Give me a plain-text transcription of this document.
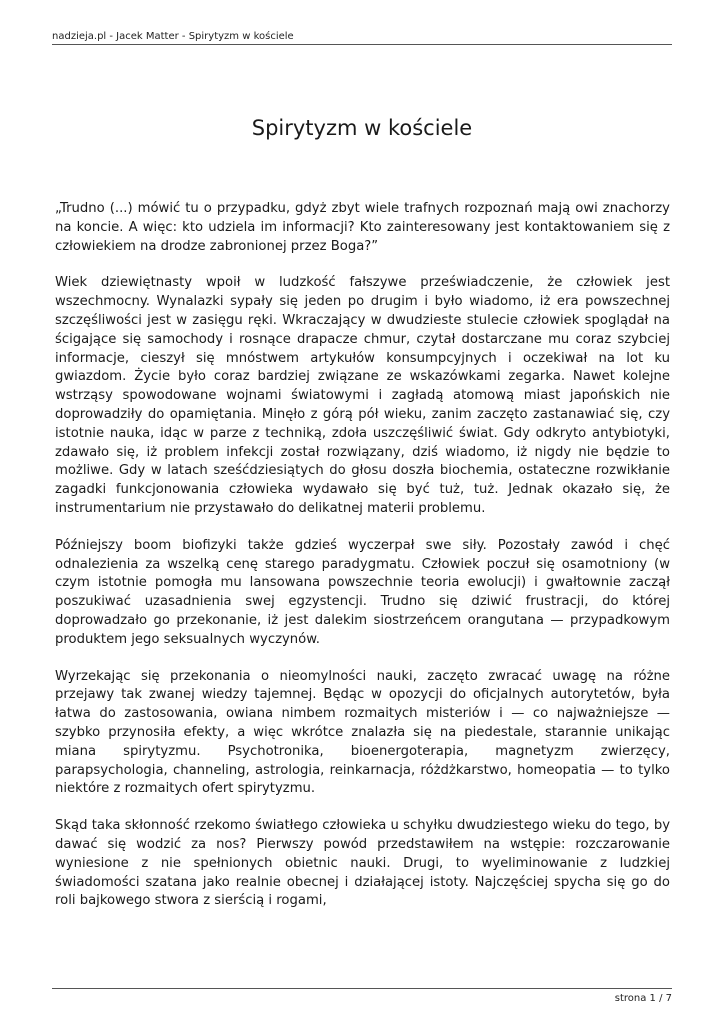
nadzieja.pl - Jacek Matter - Spirytyzm w kościele
Spirytyzm w kościele

„Trudno (...) mówić tu o przypadku, gdyż zbyt wiele trafnych rozpoznań mają owi znachorzy na koncie. A więc: kto udziela im informacji? Kto zainteresowany jest kontaktowaniem się z człowiekiem na drodze zabronionej przez Boga?”

Wiek dziewiętnasty wpoił w ludzkość fałszywe przeświadczenie, że człowiek jest wszechmocny. Wynalazki sypały się jeden po drugim i było wiadomo, iż era powszechnej szczęśliwości jest w zasięgu ręki. Wkraczający w dwudzieste stulecie człowiek spoglądał na ścigające się samochody i rosnące drapacze chmur, czytał dostarczane mu coraz szybciej informacje, cieszył się mnóstwem artykułów konsumpcyjnych i oczekiwał na lot ku gwiazdom. Życie było coraz bardziej związane ze wskazówkami zegarka. Nawet kolejne wstrząsy spowodowane wojnami światowymi i zagładą atomową miast japońskich nie doprowadziły do opamiętania. Minęło z górą pół wieku, zanim zaczęto zastanawiać się, czy istotnie nauka, idąc w parze z techniką, zdoła uszczęśliwić świat. Gdy odkryto antybiotyki, zdawało się, iż problem infekcji został rozwiązany, dziś wiadomo, iż nigdy nie będzie to możliwe. Gdy w latach sześćdziesiątych do głosu doszła biochemia, ostateczne rozwikłanie zagadki funkcjonowania człowieka wydawało się być tuż, tuż. Jednak okazało się, że instrumentarium nie przystawało do delikatnej materii problemu.

Późniejszy boom biofizyki także gdzieś wyczerpał swe siły. Pozostały zawód i chęć odnalezienia za wszelką cenę starego paradygmatu. Człowiek poczuł się osamotniony (w czym istotnie pomogła mu lansowana powszechnie teoria ewolucji) i gwałtownie zaczął poszukiwać uzasadnienia swej egzystencji. Trudno się dziwić frustracji, do której doprowadzało go przekonanie, iż jest dalekim siostrzeńcem orangutana — przypadkowym produktem jego seksualnych wyczynów.

Wyrzekając się przekonania o nieomylności nauki, zaczęto zwracać uwagę na różne przejawy tak zwanej wiedzy tajemnej. Będąc w opozycji do oficjalnych autorytetów, była łatwa do zastosowania, owiana nimbem rozmaitych misteriów i — co najważniejsze — szybko przynosiła efekty, a więc wkrótce znalazła się na piedestale, starannie unikając miana spirytyzmu. Psychotronika, bioenergoterapia, magnetyzm zwierzęcy, parapsychologia, channeling, astrologia, reinkarnacja, różdżkarstwo, homeopatia — to tylko niektóre z rozmaitych ofert spirytyzmu.

Skąd taka skłonność rzekomo światłego człowieka u schyłku dwudziestego wieku do tego, by dawać się wodzić za nos? Pierwszy powód przedstawiłem na wstępie: rozczarowanie wyniesione z nie spełnionych obietnic nauki. Drugi, to wyeliminowanie z ludzkiej świadomości szatana jako realnie obecnej i działającej istoty. Najczęściej spycha się go do roli bajkowego stwora z sierścią i rogami,

strona 1 / 7
